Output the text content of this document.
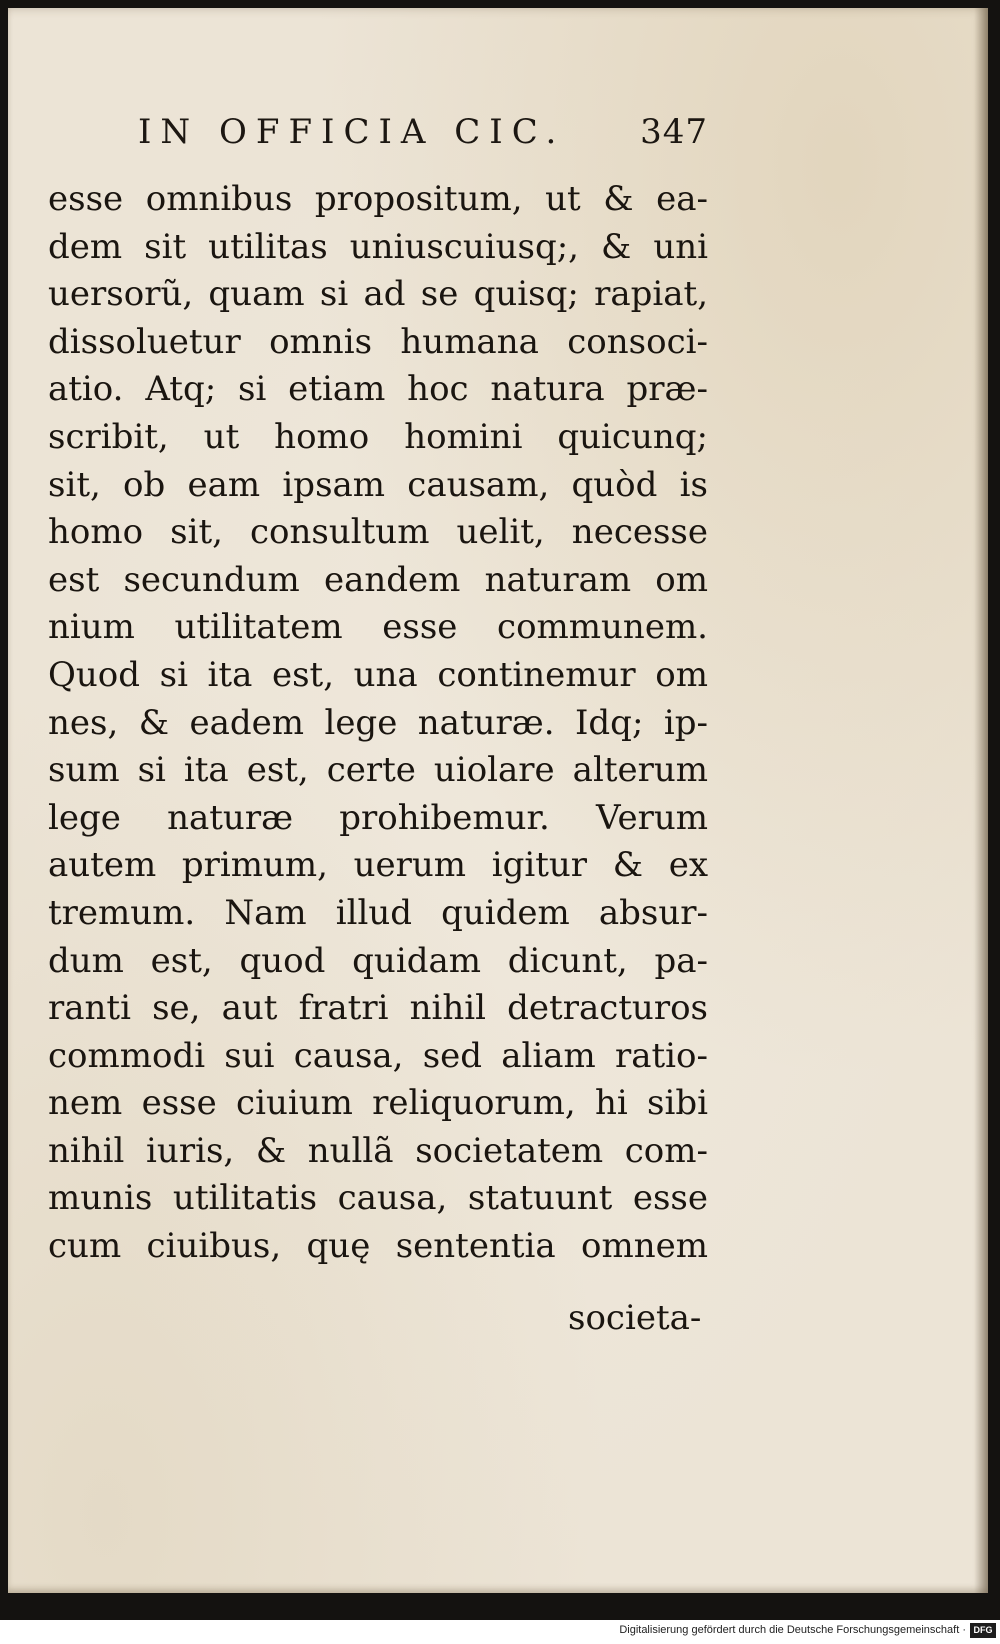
IN OFFICIA CIC. 347
esse omnibus propositum, ut & ea-
dem sit utilitas uniuscuiusq;, & uni
uersorũ, quam si ad se quisq; rapiat,
dissoluetur omnis humana consoci-
atio. Atq; si etiam hoc natura præ-
scribit, ut homo homini quicunq;
sit, ob eam ipsam causam, quòd is
homo sit, consultum uelit, necesse
est secundum eandem naturam om
nium utilitatem esse communem.
Quod si ita est, una continemur om
nes, & eadem lege naturæ. Idq; ip-
sum si ita est, certe uiolare alterum
lege naturæ prohibemur. Verum
autem primum, uerum igitur & ex
tremum. Nam illud quidem absur-
dum est, quod quidam dicunt, pa-
ranti se, aut fratri nihil detracturos
commodi sui causa, sed aliam ratio-
nem esse ciuium reliquorum, hi sibi
nihil iuris, & nullã societatem com-
munis utilitatis causa, statuunt esse
cum ciuibus, quę sententia omnem
societa-
Digitalisierung gefördert durch die Deutsche Forschungsgemeinschaft · DFG
